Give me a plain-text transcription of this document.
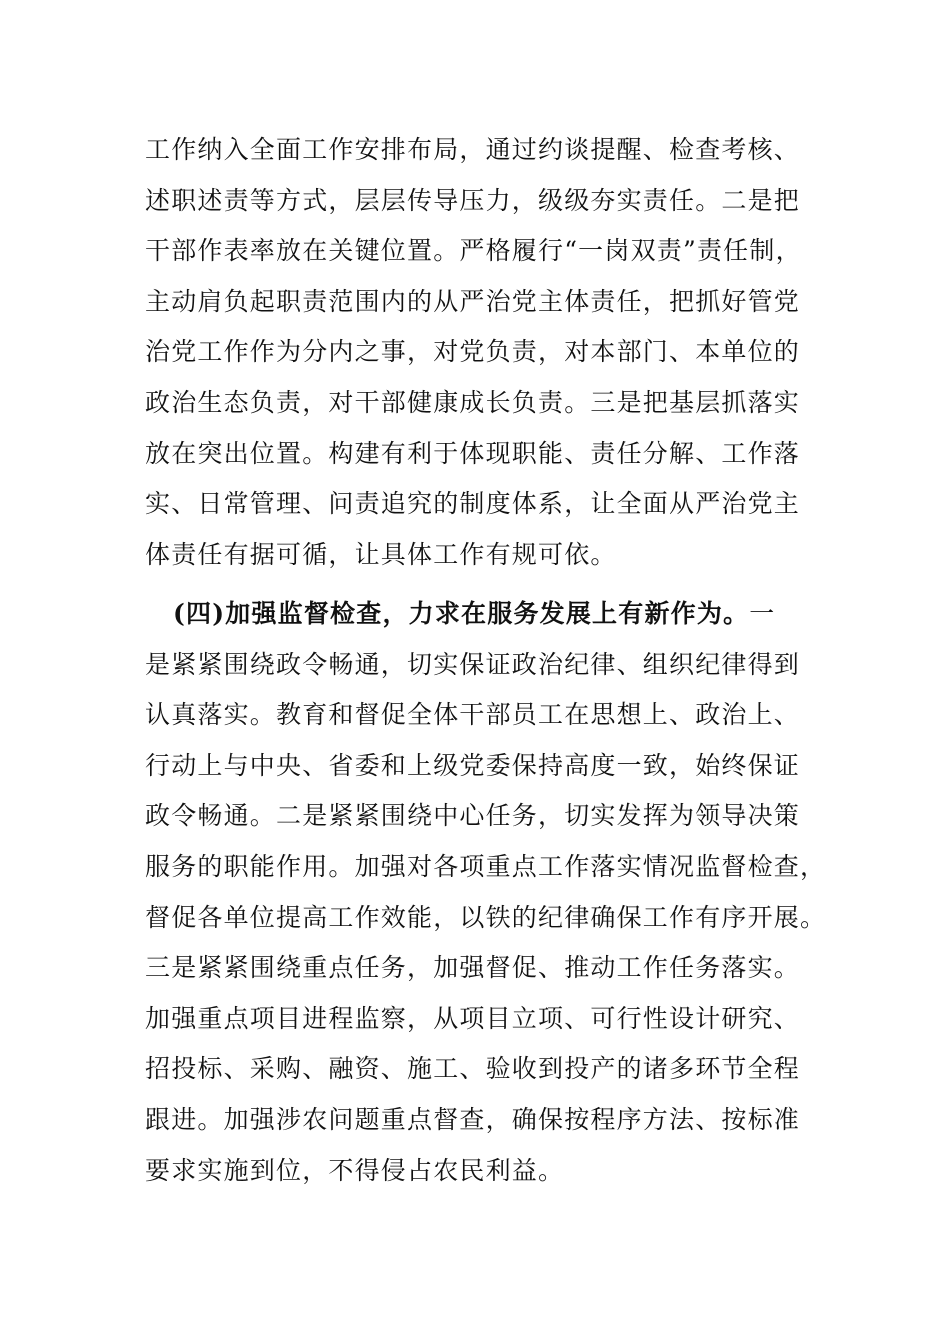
工作纳入全面工作安排布局，通过约谈提醒、检查考核、
述职述责等方式，层层传导压力，级级夯实责任。二是把
干部作表率放在关键位置。严格履行“一岗双责”责任制，
主动肩负起职责范围内的从严治党主体责任，把抓好管党
治党工作作为分内之事，对党负责，对本部门、本单位的
政治生态负责，对干部健康成长负责。三是把基层抓落实
放在突出位置。构建有利于体现职能、责任分解、工作落
实、日常管理、问责追究的制度体系，让全面从严治党主
体责任有据可循，让具体工作有规可依。
(四)加强监督检查，力求在服务发展上有新作为。一
是紧紧围绕政令畅通，切实保证政治纪律、组织纪律得到
认真落实。教育和督促全体干部员工在思想上、政治上、
行动上与中央、省委和上级党委保持高度一致，始终保证
政令畅通。二是紧紧围绕中心任务，切实发挥为领导决策
服务的职能作用。加强对各项重点工作落实情况监督检查，
督促各单位提高工作效能，以铁的纪律确保工作有序开展。
三是紧紧围绕重点任务，加强督促、推动工作任务落实。
加强重点项目进程监察，从项目立项、可行性设计研究、
招投标、采购、融资、施工、验收到投产的诸多环节全程
跟进。加强涉农问题重点督查，确保按程序方法、按标准
要求实施到位，不得侵占农民利益。
